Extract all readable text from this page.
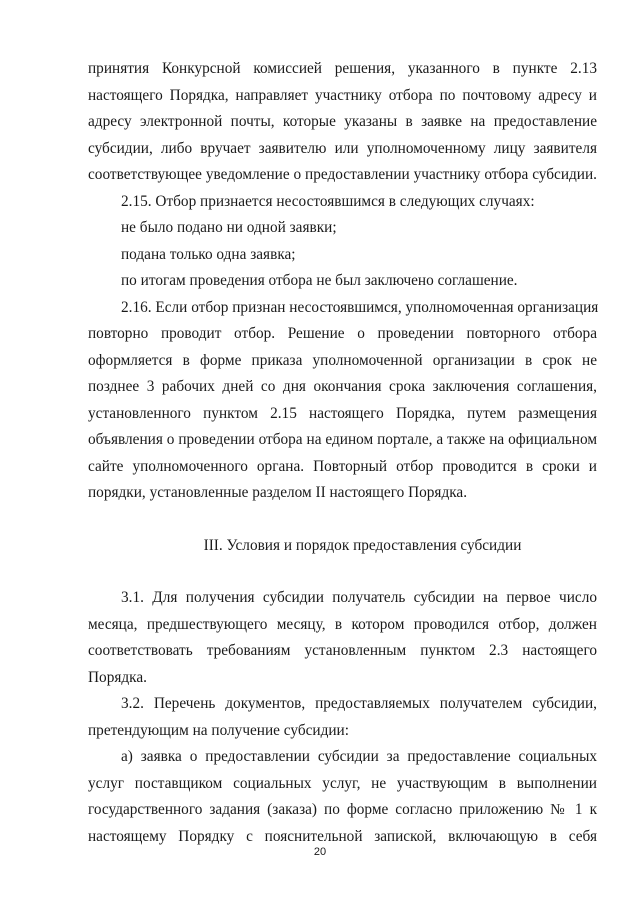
принятия Конкурсной комиссией решения, указанного в пункте 2.13
настоящего Порядка, направляет участнику отбора по почтовому адресу и
адресу электронной почты, которые указаны в заявке на предоставление
субсидии, либо вручает заявителю или уполномоченному лицу заявителя
соответствующее уведомление о предоставлении участнику отбора субсидии.
2.15. Отбор признается несостоявшимся в следующих случаях:
не было подано ни одной заявки;
подана только одна заявка;
по итогам проведения отбора не был заключено соглашение.
2.16. Если отбор признан несостоявшимся, уполномоченная организация
повторно проводит отбор. Решение о проведении повторного отбора
оформляется в форме приказа уполномоченной организации в срок не
позднее 3 рабочих дней со дня окончания срока заключения соглашения,
установленного пунктом 2.15 настоящего Порядка, путем размещения
объявления о проведении отбора на едином портале, а также на официальном
сайте уполномоченного органа. Повторный отбор проводится в сроки и
порядки, установленные разделом II настоящего Порядка.
III. Условия и порядок предоставления субсидии
3.1. Для получения субсидии получатель субсидии на первое число
месяца, предшествующего месяцу, в котором проводился отбор, должен
соответствовать требованиям установленным пунктом 2.3 настоящего
Порядка.
3.2. Перечень документов, предоставляемых получателем субсидии,
претендующим на получение субсидии:
а) заявка о предоставлении субсидии за предоставление социальных
услуг поставщиком социальных услуг, не участвующим в выполнении
государственного задания (заказа) по форме согласно приложению № 1 к
настоящему Порядку с пояснительной запиской, включающую в себя
20
